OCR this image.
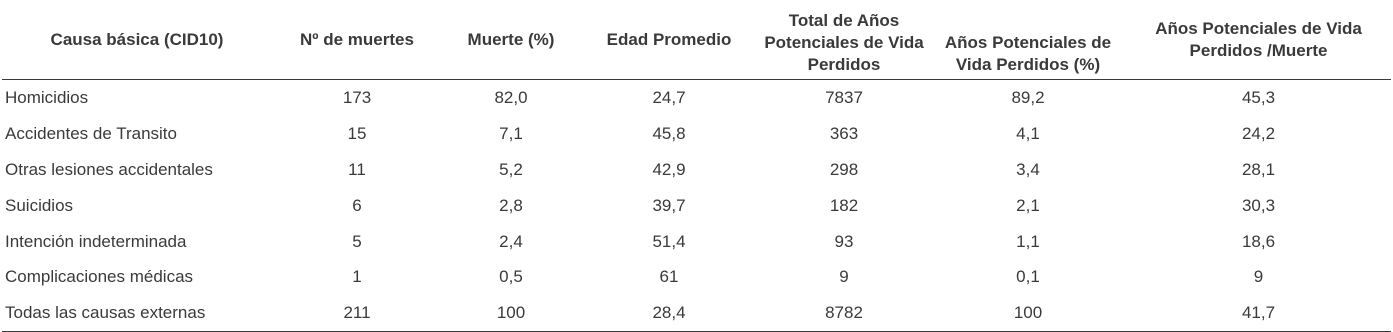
Causa básica (CID10)	Nº de muertes	Muerte (%)	Edad Promedio	Total de Años Potenciales de Vida Perdidos	Años Potenciales de Vida Perdidos (%)	Años Potenciales de Vida Perdidos /Muerte

Homicidios	173	82,0	24,7	7837	89,2	45,3
Accidentes de Transito	15	7,1	45,8	363	4,1	24,2
Otras lesiones accidentales	11	5,2	42,9	298	3,4	28,1
Suicidios	6	2,8	39,7	182	2,1	30,3
Intención indeterminada	5	2,4	51,4	93	1,1	18,6
Complicaciones médicas	1	0,5	61	9	0,1	9
Todas las causas externas	211	100	28,4	8782	100	41,7
